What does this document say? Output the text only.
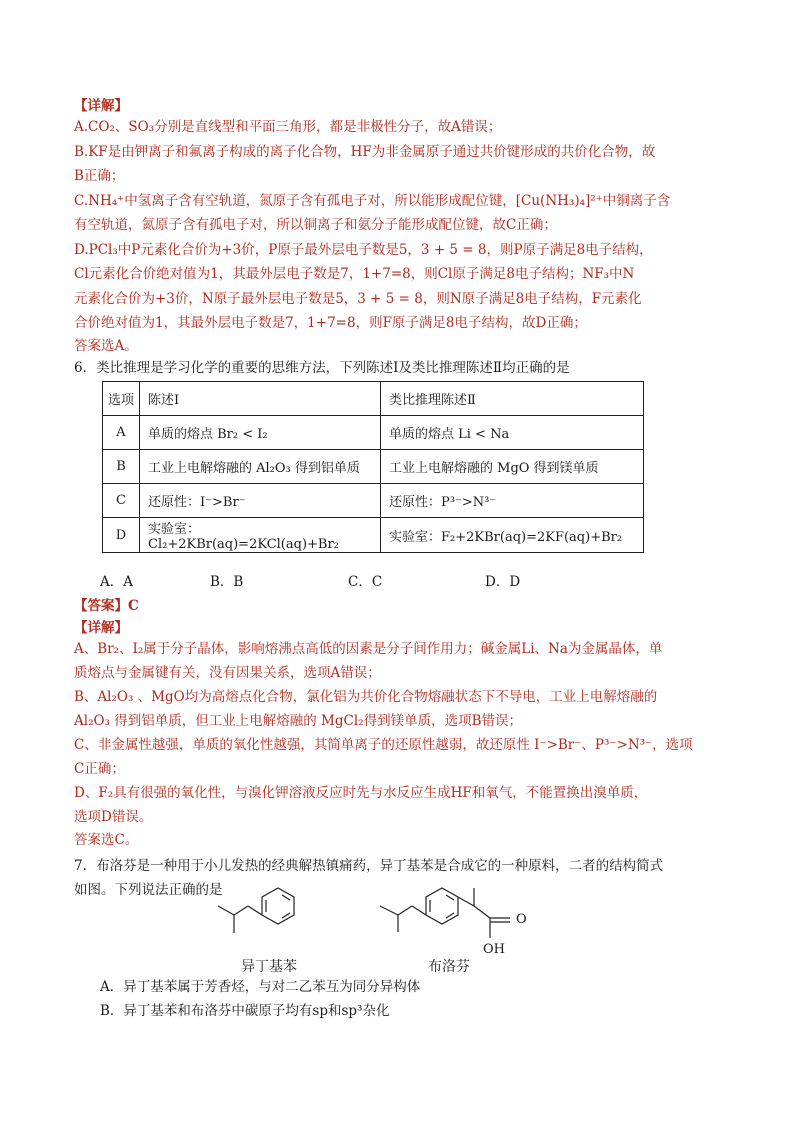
【详解】
A.CO₂、SO₃分别是直线型和平面三角形，都是非极性分子，故A错误；
B.KF是由钾离子和氟离子构成的离子化合物，HF为非金属原子通过共价键形成的共价化合物，故
B正确；
C.NH₄⁺中氢离子含有空轨道，氮原子含有孤电子对，所以能形成配位键，[Cu(NH₃)₄]²⁺中铜离子含
有空轨道，氮原子含有孤电子对，所以铜离子和氨分子能形成配位键，故C正确；
D.PCl₃中P元素化合价为+3价，P原子最外层电子数是5，3 + 5 = 8，则P原子满足8电子结构，
Cl元素化合价绝对值为1，其最外层电子数是7，1+7=8，则Cl原子满足8电子结构；NF₃中N
元素化合价为+3价，N原子最外层电子数是5，3 + 5 = 8，则N原子满足8电子结构，F元素化
合价绝对值为1，其最外层电子数是7，1+7=8，则F原子满足8电子结构，故D正确；
答案选A。
6．类比推理是学习化学的重要的思维方法，下列陈述Ⅰ及类比推理陈述Ⅱ均正确的是
选项	陈述Ⅰ	类比推理陈述Ⅱ
A	单质的熔点 Br₂ < I₂	单质的熔点 Li < Na
B	工业上电解熔融的 Al₂O₃ 得到铝单质	工业上电解熔融的 MgO 得到镁单质
C	还原性：I⁻>Br⁻	还原性：P³⁻>N³⁻
D	实验室：Cl₂+2KBr(aq)=2KCl(aq)+Br₂	实验室：F₂+2KBr(aq)=2KF(aq)+Br₂
A．A	B．B	C．C	D．D
【答案】C
【详解】
A、Br₂、I₂属于分子晶体，影响熔沸点高低的因素是分子间作用力；碱金属Li、Na为金属晶体，单
质熔点与金属键有关，没有因果关系，选项A错误；
B、Al₂O₃ 、MgO均为高熔点化合物，氯化铝为共价化合物熔融状态下不导电，工业上电解熔融的
Al₂O₃ 得到铝单质，但工业上电解熔融的 MgCl₂得到镁单质，选项B错误；
C、非金属性越强，单质的氧化性越强，其简单离子的还原性越弱，故还原性 I⁻>Br⁻、P³⁻>N³⁻，选项
C正确；
D、F₂具有很强的氧化性，与溴化钾溶液反应时先与水反应生成HF和氧气，不能置换出溴单质，
选项D错误。
答案选C。
7．布洛芬是一种用于小儿发热的经典解热镇痛药，异丁基苯是合成它的一种原料，二者的结构简式
如图。下列说法正确的是
异丁基苯
O
OH
布洛芬
A．异丁基苯属于芳香烃，与对二乙苯互为同分异构体
B．异丁基苯和布洛芬中碳原子均有sp和sp³杂化
